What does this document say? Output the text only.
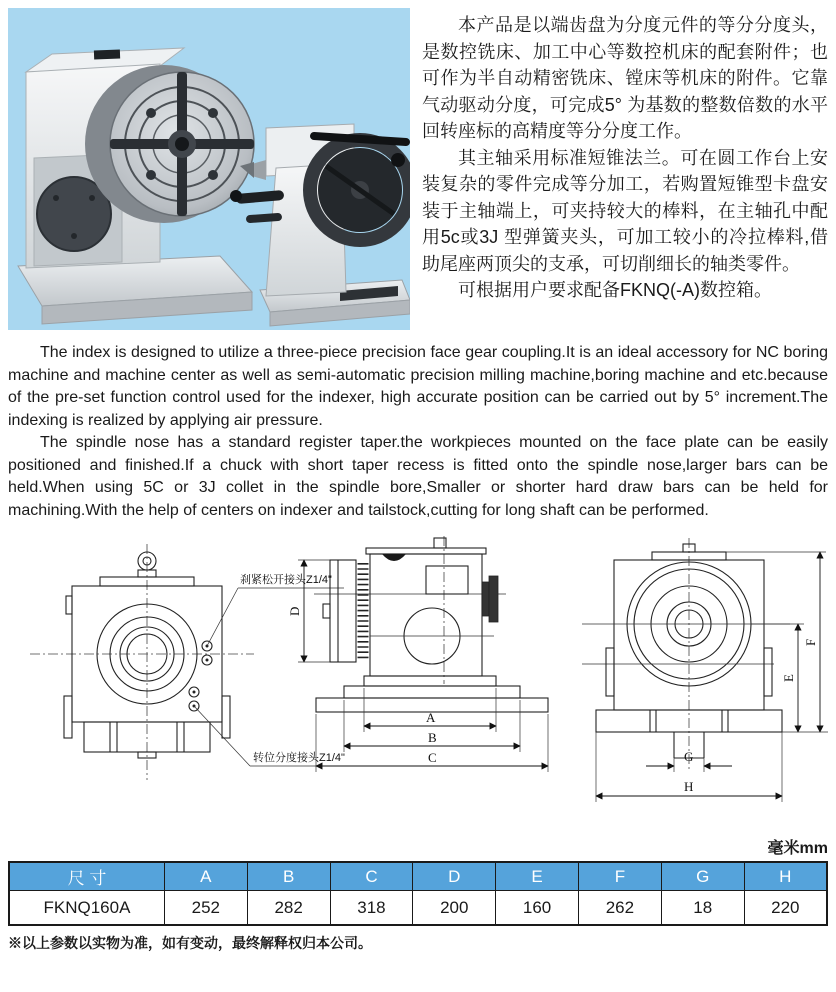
本产品是以端齿盘为分度元件的等分分度头，是数控铣床、加工中心等数控机床的配套附件；也可作为半自动精密铣床、镗床等机床的附件。它靠气动驱动分度，可完成5° 为基数的整数倍数的水平回转座标的高精度等分分度工作。

其主轴采用标准短锥法兰。可在圆工作台上安装复杂的零件完成等分加工，若购置短锥型卡盘安装于主轴端上，可夹持较大的棒料，在主轴孔中配用5c或3J 型弹簧夹头，可加工较小的冷拉棒料,借助尾座两顶尖的支承，可切削细长的轴类零件。

可根据用户要求配备FKNQ(-A)数控箱。

The index is designed to utilize a three-piece precision face gear coupling.It is an ideal accessory for NC boring machine and machine center as well as semi-automatic precision milling machine,boring machine and etc.because of the pre-set function control used for the indexer, high accurate position can be carried out by 5° increment.The indexing is realized by applying air pressure.

The spindle nose has a standard register taper.the workpieces mounted on the face plate can be easily positioned and finished.If a chuck with short taper recess is fitted onto the spindle nose,larger bars can be held.When using 5C or 3J collet in the spindle bore,Smaller or shorter hard draw bars can be held for machining.With the help of centers on indexer and tailstock,cutting for long shaft can be performed.

刹紧松开接头Z1/4"
转位分度接头Z1/4"
A
B
C
D
E
F
G
H
毫米mm
尺 寸	A	B	C	D	E	F	G	H
FKNQ160A	252	282	318	200	160	262	18	220
※以上参数以实物为准，如有变动，最终解释权归本公司。
